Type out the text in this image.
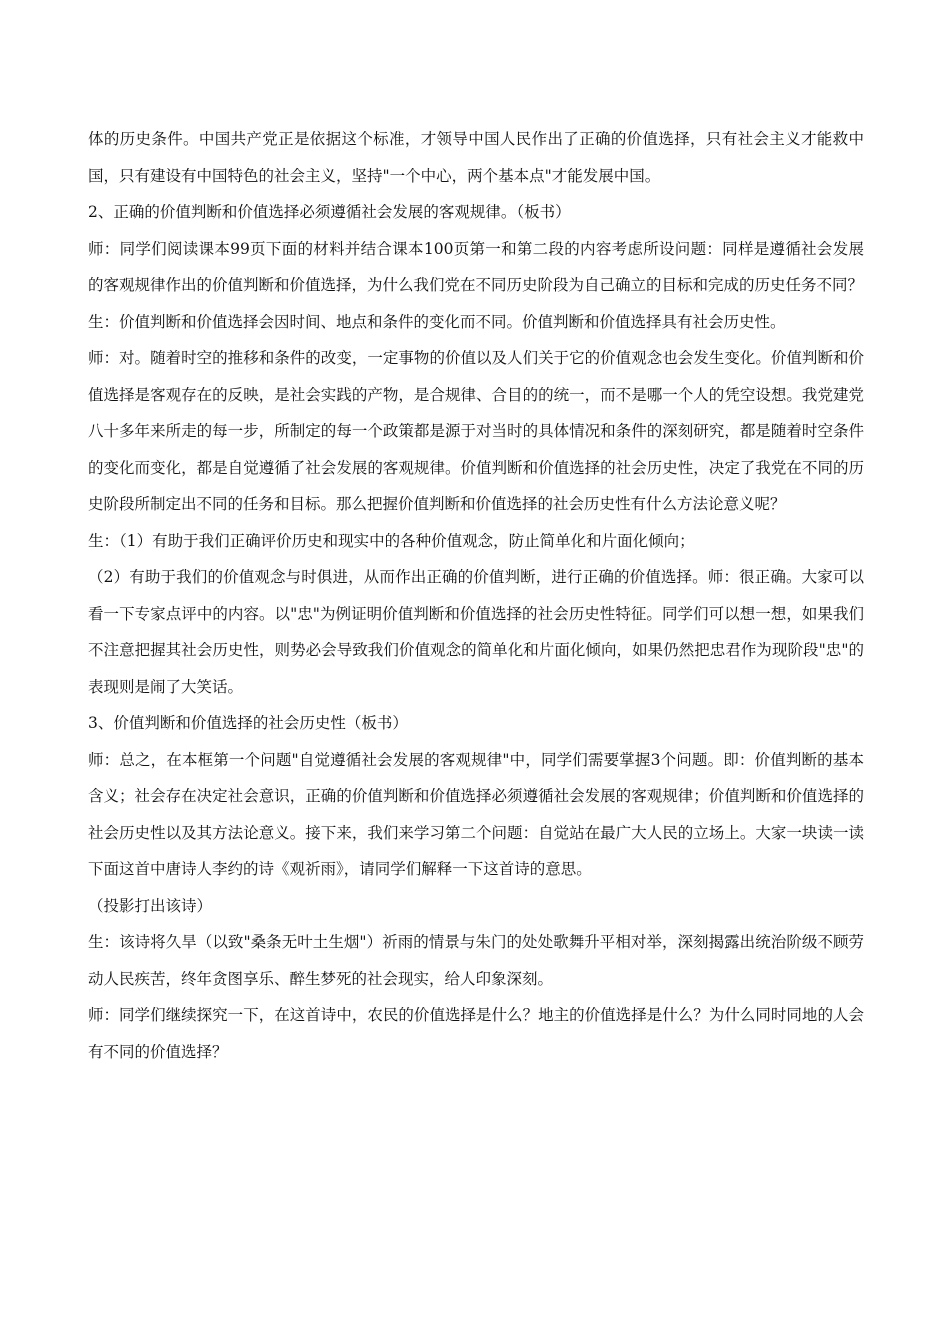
体的历史条件。中国共产党正是依据这个标准，才领导中国人民作出了正确的价值选择，只有社会主义才能救中国，只有建设有中国特色的社会主义，坚持"一个中心，两个基本点"才能发展中国。

2、正确的价值判断和价值选择必须遵循社会发展的客观规律。（板书）

师：同学们阅读课本99页下面的材料并结合课本100页第一和第二段的内容考虑所设问题：同样是遵循社会发展的客观规律作出的价值判断和价值选择，为什么我们党在不同历史阶段为自己确立的目标和完成的历史任务不同？

生：价值判断和价值选择会因时间、地点和条件的变化而不同。价值判断和价值选择具有社会历史性。

师：对。随着时空的推移和条件的改变，一定事物的价值以及人们关于它的价值观念也会发生变化。价值判断和价值选择是客观存在的反映，是社会实践的产物，是合规律、合目的的统一，而不是哪一个人的凭空设想。我党建党八十多年来所走的每一步，所制定的每一个政策都是源于对当时的具体情况和条件的深刻研究，都是随着时空条件的变化而变化，都是自觉遵循了社会发展的客观规律。价值判断和价值选择的社会历史性，决定了我党在不同的历史阶段所制定出不同的任务和目标。那么把握价值判断和价值选择的社会历史性有什么方法论意义呢？

生：（1）有助于我们正确评价历史和现实中的各种价值观念，防止简单化和片面化倾向；

（2）有助于我们的价值观念与时俱进，从而作出正确的价值判断，进行正确的价值选择。师：很正确。大家可以看一下专家点评中的内容。以"忠"为例证明价值判断和价值选择的社会历史性特征。同学们可以想一想，如果我们不注意把握其社会历史性，则势必会导致我们价值观念的简单化和片面化倾向，如果仍然把忠君作为现阶段"忠"的表现则是闹了大笑话。

3、价值判断和价值选择的社会历史性（板书）

师：总之，在本框第一个问题"自觉遵循社会发展的客观规律"中，同学们需要掌握3个问题。即：价值判断的基本含义；社会存在决定社会意识，正确的价值判断和价值选择必须遵循社会发展的客观规律；价值判断和价值选择的社会历史性以及其方法论意义。接下来，我们来学习第二个问题：自觉站在最广大人民的立场上。大家一块读一读下面这首中唐诗人李约的诗《观祈雨》，请同学们解释一下这首诗的意思。

（投影打出该诗）

生：该诗将久旱（以致"桑条无叶土生烟"）祈雨的情景与朱门的处处歌舞升平相对举，深刻揭露出统治阶级不顾劳动人民疾苦，终年贪图享乐、醉生梦死的社会现实，给人印象深刻。

师：同学们继续探究一下，在这首诗中，农民的价值选择是什么？地主的价值选择是什么？为什么同时同地的人会有不同的价值选择？
